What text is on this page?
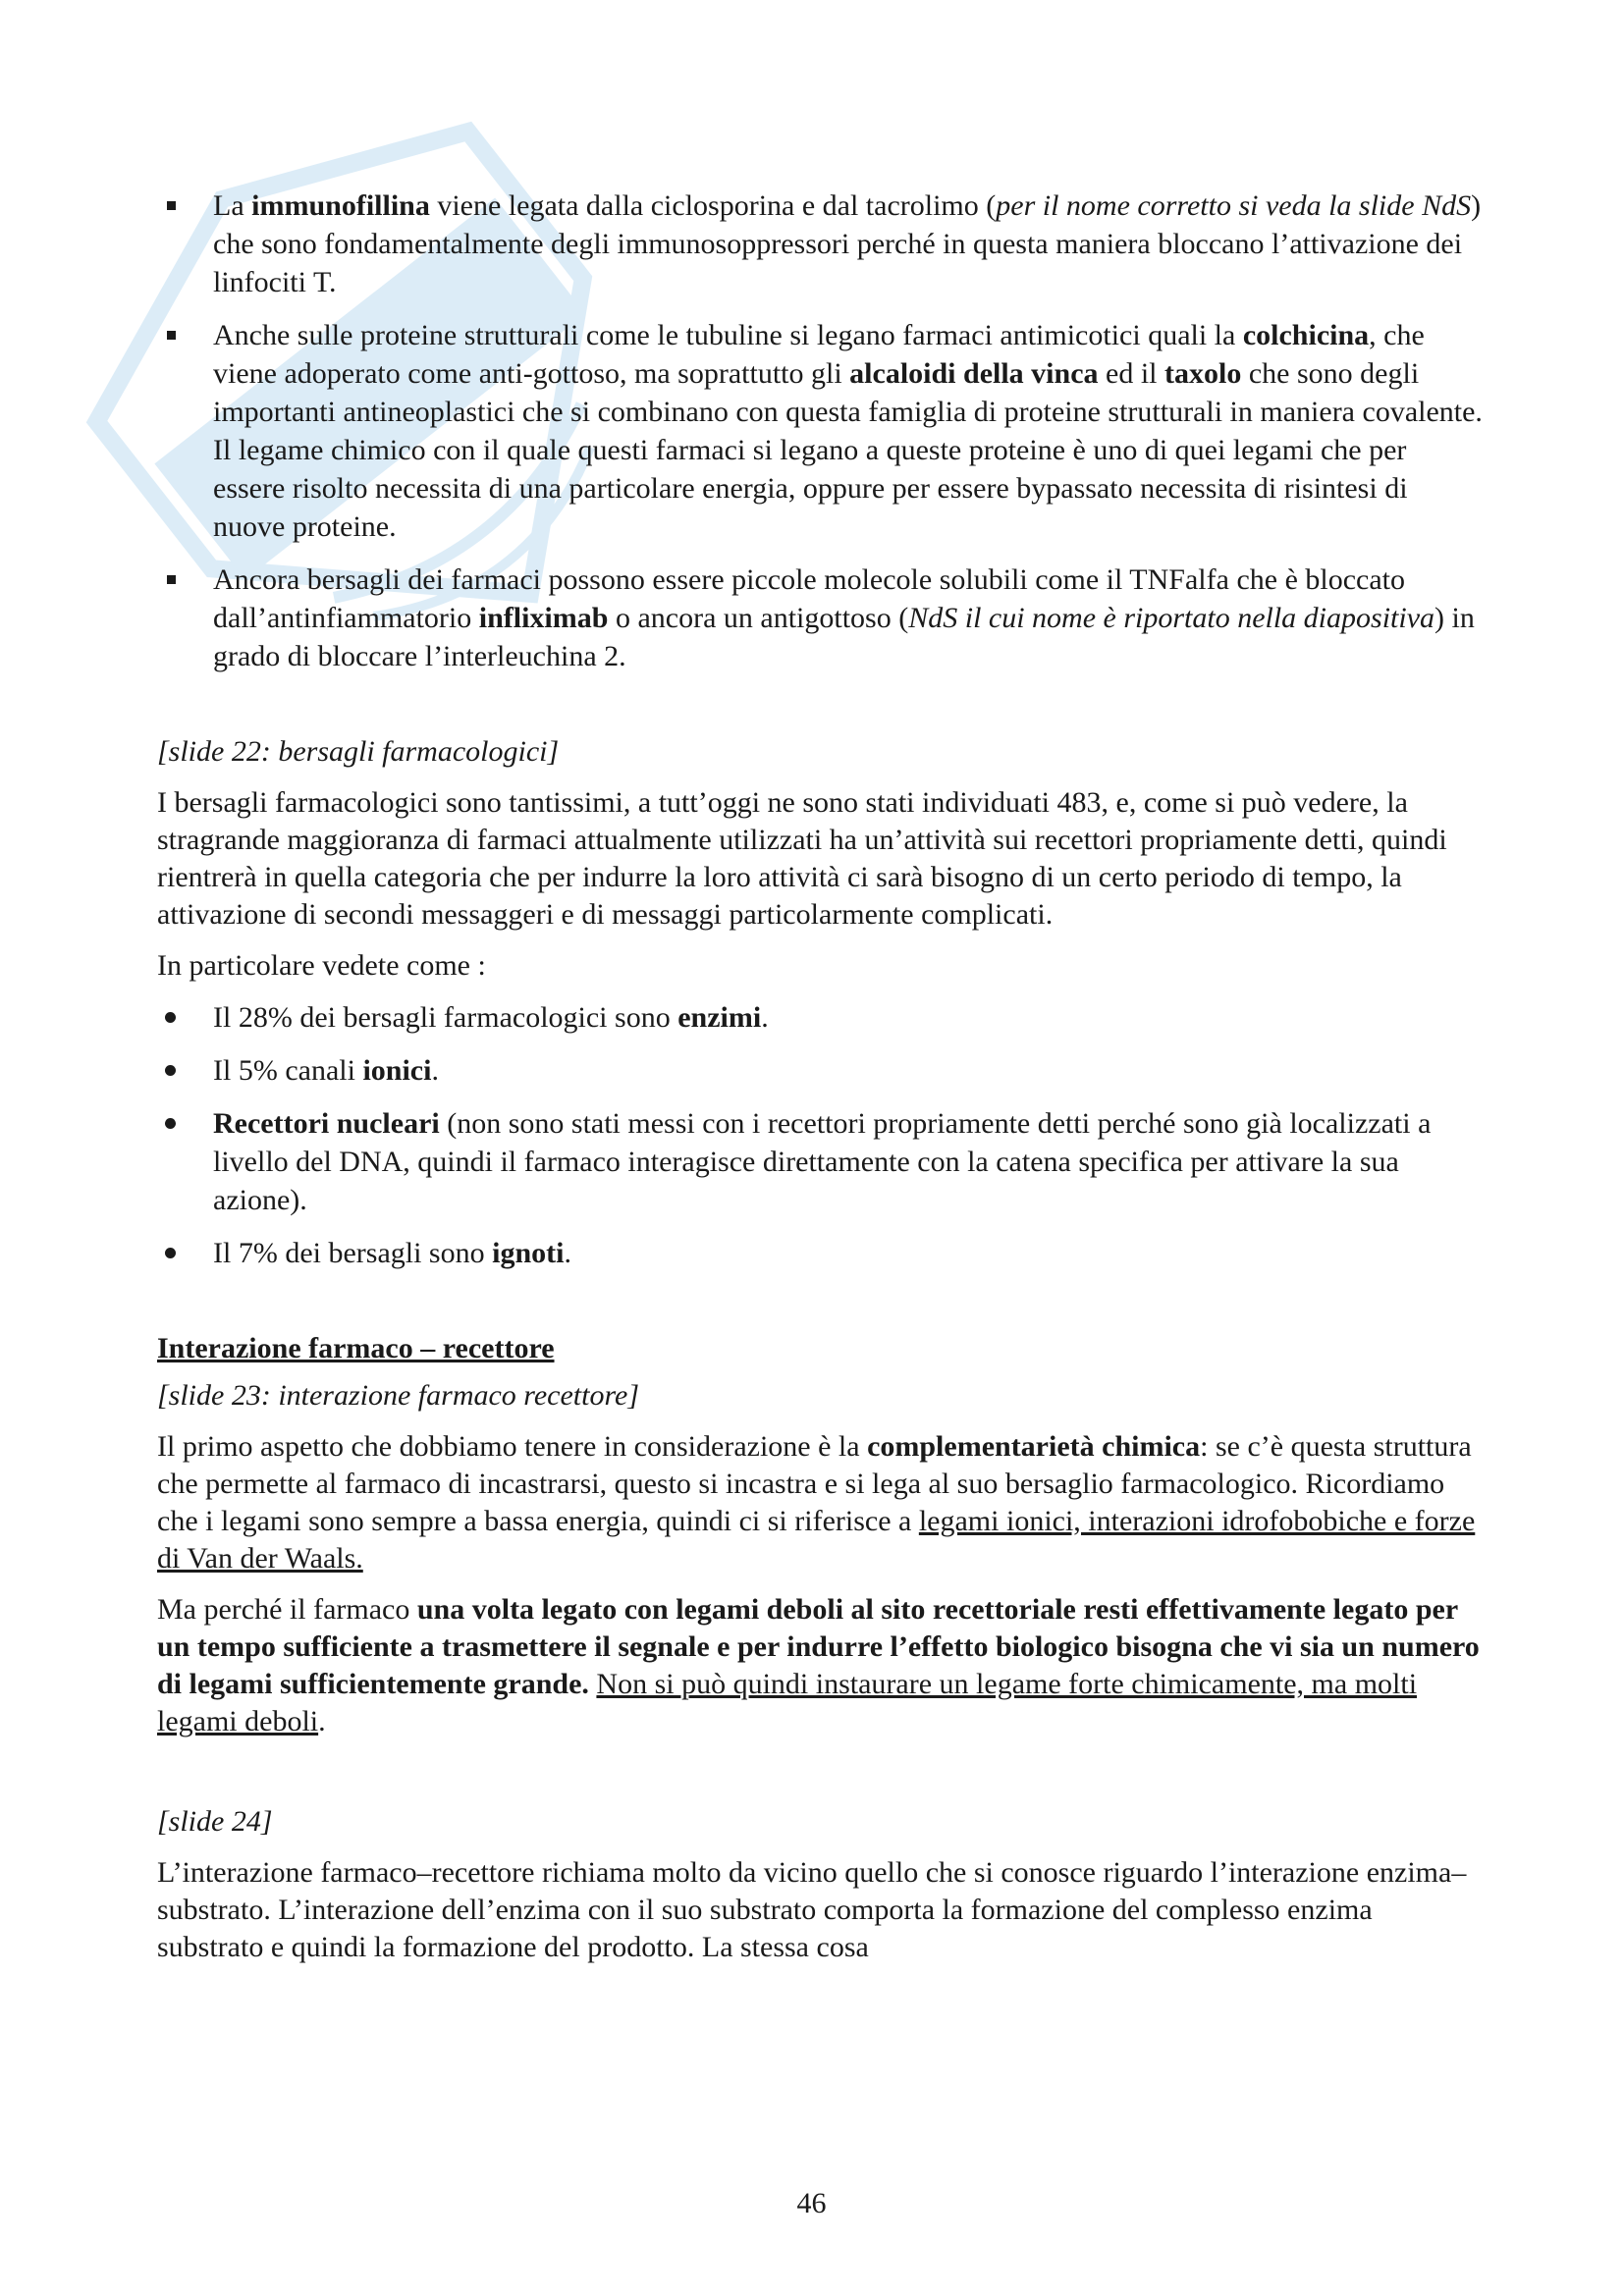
La immunofillina viene legata dalla ciclosporina e dal tacrolimo (per il nome corretto si veda la slide NdS) che sono fondamentalmente degli immunosoppressori perché in questa maniera bloccano l’attivazione dei linfociti T.
Anche sulle proteine strutturali come le tubuline si legano farmaci antimicotici quali la colchicina, che viene adoperato come anti-gottoso, ma soprattutto gli alcaloidi della vinca ed il taxolo che sono degli importanti antineoplastici che si combinano con questa famiglia di proteine strutturali in maniera covalente. Il legame chimico con il quale questi farmaci si legano a queste proteine è uno di quei legami che per essere risolto necessita di una particolare energia, oppure per essere bypassato necessita di risintesi di nuove proteine.
Ancora bersagli dei farmaci possono essere piccole molecole solubili come il TNFalfa che è bloccato dall’antinfiammatorio infliximab o ancora un antigottoso (NdS il cui nome è riportato nella diapositiva) in grado di bloccare l’interleuchina 2.

[slide 22: bersagli farmacologici]

I bersagli farmacologici sono tantissimi, a tutt’oggi ne sono stati individuati 483, e, come si può vedere, la stragrande maggioranza di farmaci attualmente utilizzati ha un’attività sui recettori propriamente detti, quindi rientrerà in quella categoria che per indurre la loro attività ci sarà bisogno di un certo periodo di tempo, la attivazione di secondi messaggeri e di messaggi particolarmente complicati.

In particolare vedete come :

Il 28% dei bersagli farmacologici sono enzimi.
Il 5% canali ionici.
Recettori nucleari (non sono stati messi con i recettori propriamente detti perché sono già localizzati a livello del DNA, quindi il farmaco interagisce direttamente con la catena specifica per attivare la sua azione).
Il 7% dei bersagli sono ignoti.

Interazione farmaco – recettore

[slide 23: interazione farmaco recettore]

Il primo aspetto che dobbiamo tenere in considerazione è la complementarietà chimica: se c’è questa struttura che permette al farmaco di incastrarsi, questo si incastra e si lega al suo bersaglio farmacologico. Ricordiamo che i legami sono sempre a bassa energia, quindi ci si riferisce a legami ionici, interazioni idrofobobiche e forze di Van der Waals.

Ma perché il farmaco una volta legato con legami deboli al sito recettoriale resti effettivamente legato per un tempo sufficiente a trasmettere il segnale e per indurre l’effetto biologico bisogna che vi sia un numero di legami sufficientemente grande. Non si può quindi instaurare un legame forte chimicamente, ma molti legami deboli.

[slide 24]

L’interazione farmaco–recettore richiama molto da vicino quello che si conosce riguardo l’interazione enzima–substrato. L’interazione dell’enzima con il suo substrato comporta la formazione del complesso enzima substrato e quindi la formazione del prodotto. La stessa cosa

46
